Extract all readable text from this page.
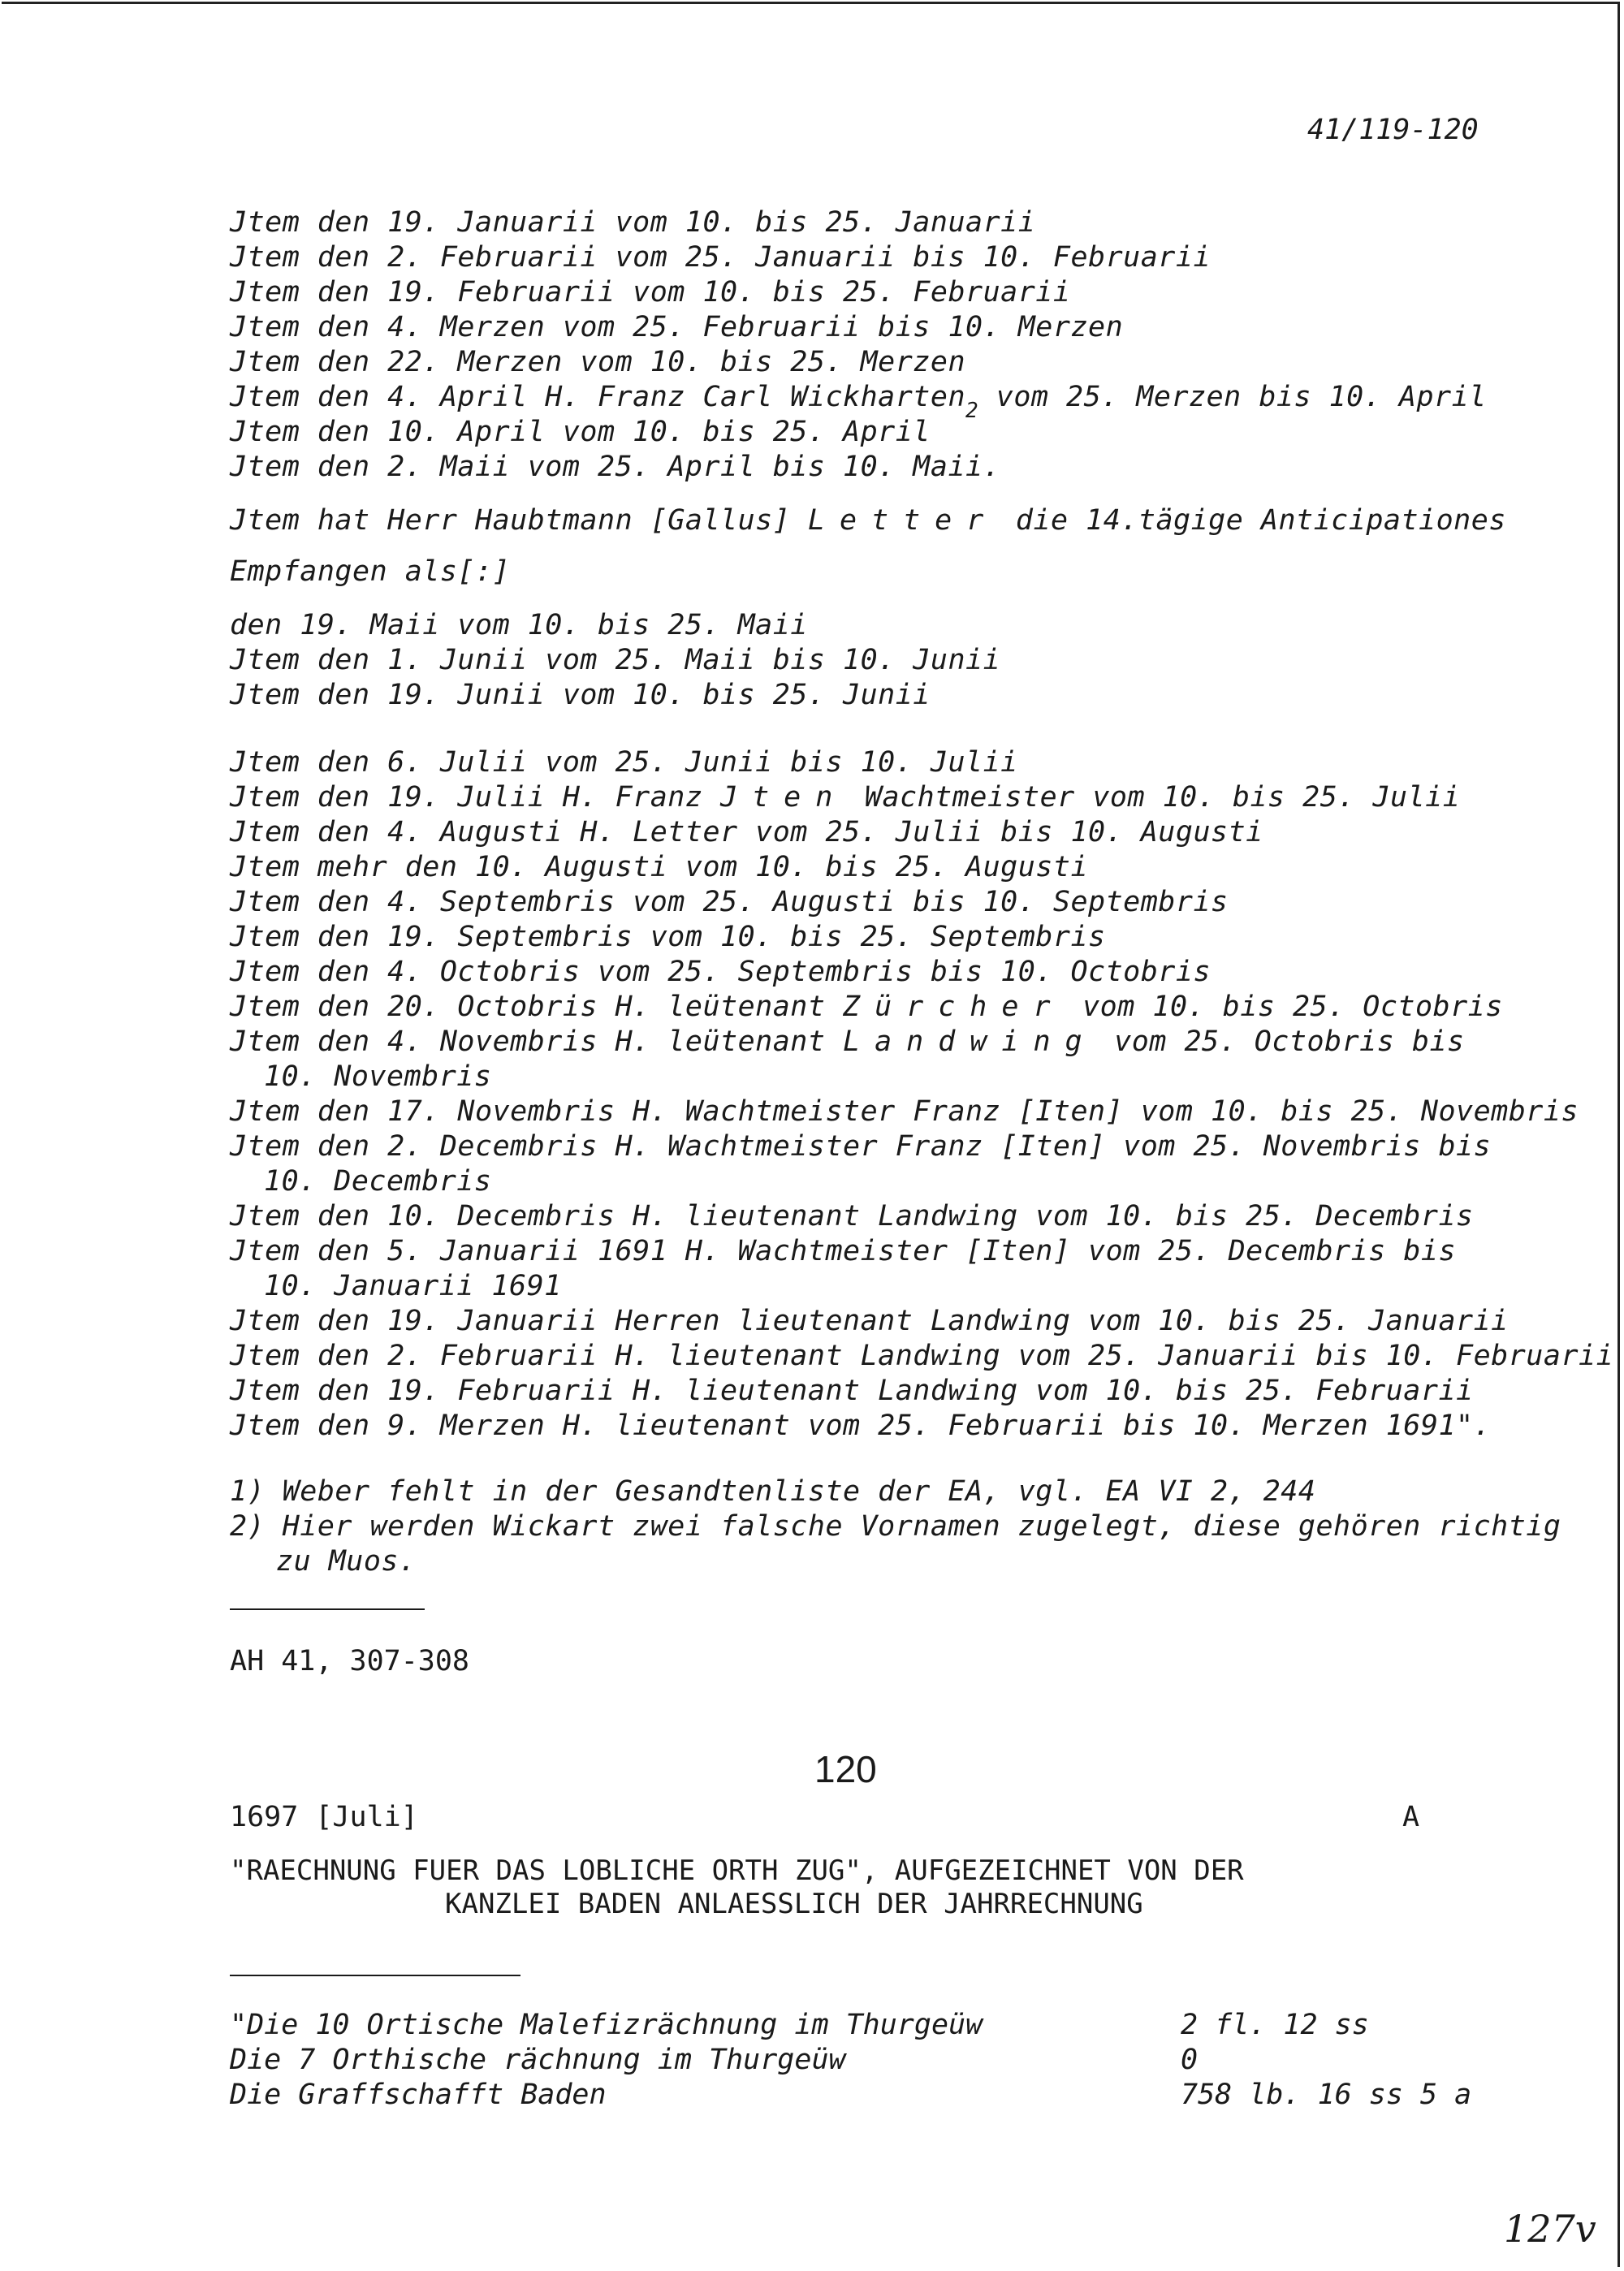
41/119-120
Jtem den 19. Januarii vom 10. bis 25. Januarii
Jtem den 2. Februarii vom 25. Januarii bis 10. Februarii
Jtem den 19. Februarii vom 10. bis 25. Februarii
Jtem den 4. Merzen vom 25. Februarii bis 10. Merzen
Jtem den 22. Merzen vom 10. bis 25. Merzen
Jtem den 4. April H. Franz Carl Wickharten$_2$ vom 25. Merzen bis 10. April
Jtem den 10. April vom 10. bis 25. April
Jtem den 2. Maii vom 25. April bis 10. Maii.
Jtem hat Herr Haubtmann [Gallus] Letter die 14.tägige Anticipationes
Empfangen als[:]
den 19. Maii vom 10. bis 25. Maii
Jtem den 1. Junii vom 25. Maii bis 10. Junii
Jtem den 19. Junii vom 10. bis 25. Junii
Jtem den 6. Julii vom 25. Junii bis 10. Julii
Jtem den 19. Julii H. Franz Jten Wachtmeister vom 10. bis 25. Julii
Jtem den 4. Augusti H. Letter vom 25. Julii bis 10. Augusti
Jtem mehr den 10. Augusti vom 10. bis 25. Augusti
Jtem den 4. Septembris vom 25. Augusti bis 10. Septembris
Jtem den 19. Septembris vom 10. bis 25. Septembris
Jtem den 4. Octobris vom 25. Septembris bis 10. Octobris
Jtem den 20. Octobris H. leütenant Zürcher vom 10. bis 25. Octobris
Jtem den 4. Novembris H. leütenant Landwing vom 25. Octobris bis
10. Novembris
Jtem den 17. Novembris H. Wachtmeister Franz [Iten] vom 10. bis 25. Novembris
Jtem den 2. Decembris H. Wachtmeister Franz [Iten] vom 25. Novembris bis
10. Decembris
Jtem den 10. Decembris H. lieutenant Landwing vom 10. bis 25. Decembris
Jtem den 5. Januarii 1691 H. Wachtmeister [Iten] vom 25. Decembris bis
10. Januarii 1691
Jtem den 19. Januarii Herren lieutenant Landwing vom 10. bis 25. Januarii
Jtem den 2. Februarii H. lieutenant Landwing vom 25. Januarii bis 10. Februarii
Jtem den 19. Februarii H. lieutenant Landwing vom 10. bis 25. Februarii
Jtem den 9. Merzen H. lieutenant vom 25. Februarii bis 10. Merzen 1691".
1) Weber fehlt in der Gesandtenliste der EA, vgl. EA VI 2, 244
2) Hier werden Wickart zwei falsche Vornamen zugelegt, diese gehören richtig
zu Muos.
AH 41, 307-308
120
1697 [Juli]	A
"RAECHNUNG FUER DAS LOBLICHE ORTH ZUG", AUFGEZEICHNET VON DER
KANZLEI BADEN ANLAESSLICH DER JAHRRECHNUNG
"Die 10 Ortische Malefizrächnung im Thurgeüw	2 fl. 12 ss
Die 7 Orthische rächnung im Thurgeüw	0
Die Graffschafft Baden	758 lb. 16 ss 5 a
127v
